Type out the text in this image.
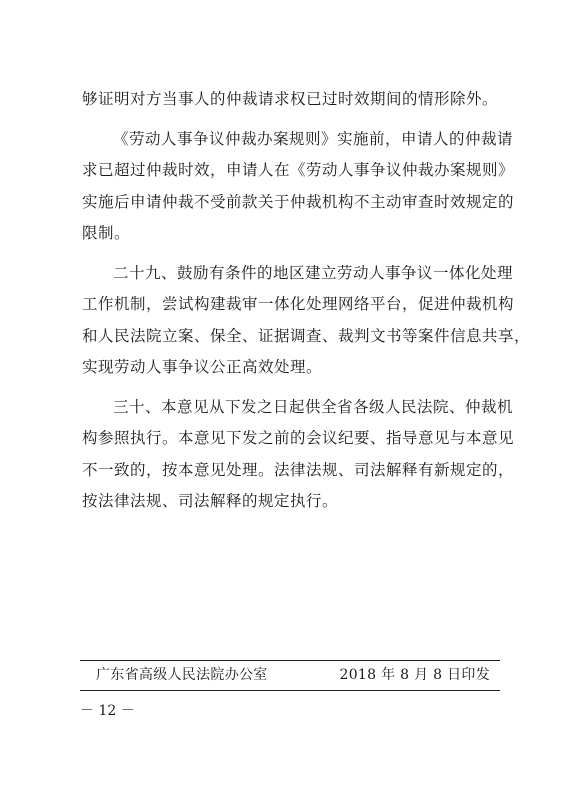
够证明对方当事人的仲裁请求权已过时效期间的情形除外。
《劳动人事争议仲裁办案规则》实施前，申请人的仲裁请
求已超过仲裁时效，申请人在《劳动人事争议仲裁办案规则》
实施后申请仲裁不受前款关于仲裁机构不主动审查时效规定的
限制。
二十九、鼓励有条件的地区建立劳动人事争议一体化处理
工作机制，尝试构建裁审一体化处理网络平台，促进仲裁机构
和人民法院立案、保全、证据调查、裁判文书等案件信息共享，
实现劳动人事争议公正高效处理。
三十、本意见从下发之日起供全省各级人民法院、仲裁机
构参照执行。本意见下发之前的会议纪要、指导意见与本意见
不一致的，按本意见处理。法律法规、司法解释有新规定的，
按法律法规、司法解释的规定执行。
广东省高级人民法院办公室	2018 年 8 月 8 日印发
－ 12 －
